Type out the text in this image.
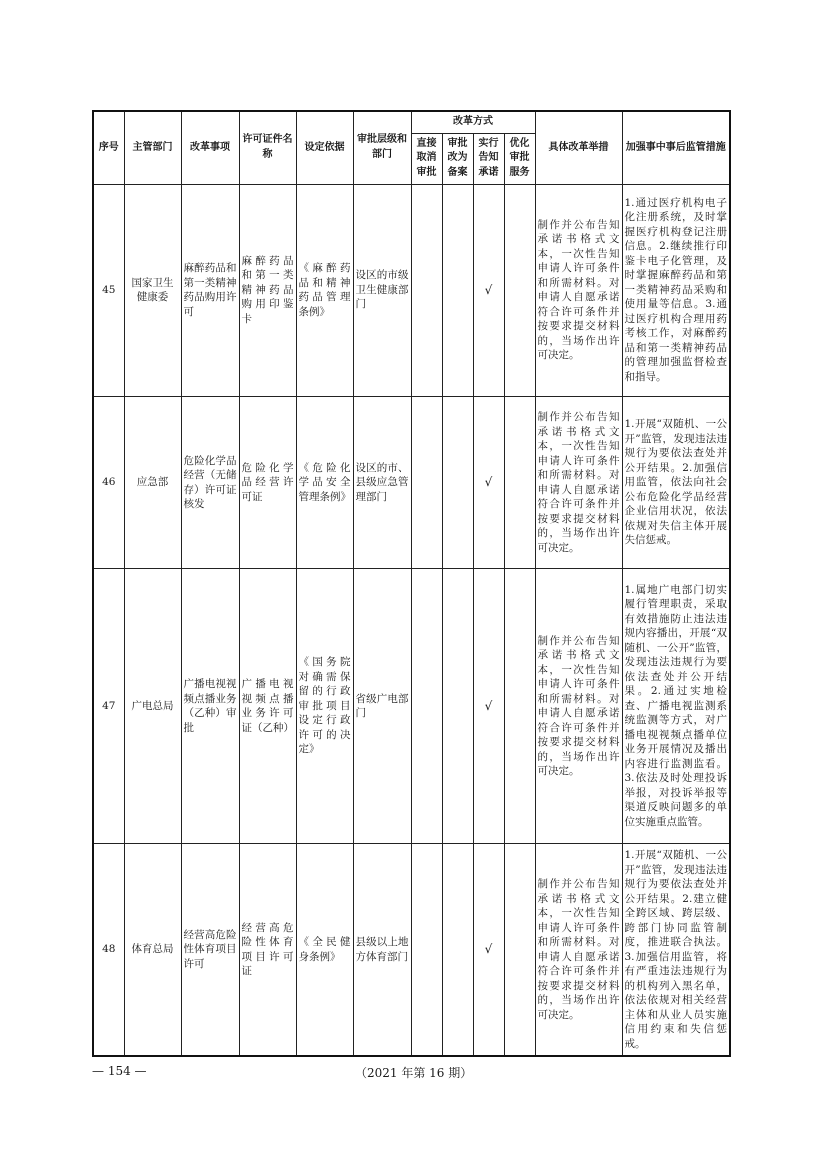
序号	主管部门	改革事项	许可证件名称	设定依据	审批层级和部门	改革方式				具体改革举措	加强事中事后监管措施
						直接取消审批	审批改为备案	实行告知承诺	优化审批服务		
45	国家卫生健康委	麻醉药品和第一类精神药品购用许可	麻醉药品和第一类精神药品购用印鉴卡	《麻醉药品和精神药品管理条例》	设区的市级卫生健康部门			√		制作并公布告知承诺书格式文本，一次性告知申请人许可条件和所需材料。对申请人自愿承诺符合许可条件并按要求提交材料的，当场作出许可决定。	1.通过医疗机构电子化注册系统，及时掌握医疗机构登记注册信息。2.继续推行印鉴卡电子化管理，及时掌握麻醉药品和第一类精神药品采购和使用量等信息。3.通过医疗机构合理用药考核工作，对麻醉药品和第一类精神药品的管理加强监督检查和指导。
46	应急部	危险化学品经营（无储存）许可证核发	危险化学品经营许可证	《危险化学品安全管理条例》	设区的市、县级应急管理部门			√		制作并公布告知承诺书格式文本，一次性告知申请人许可条件和所需材料。对申请人自愿承诺符合许可条件并按要求提交材料的，当场作出许可决定。	1.开展“双随机、一公开”监管，发现违法违规行为要依法查处并公开结果。2.加强信用监管，依法向社会公布危险化学品经营企业信用状况，依法依规对失信主体开展失信惩戒。
47	广电总局	广播电视视频点播业务（乙种）审批	广播电视视频点播业务许可证（乙种）	《国务院对确需保留的行政审批项目设定行政许可的决定》	省级广电部门			√		制作并公布告知承诺书格式文本，一次性告知申请人许可条件和所需材料。对申请人自愿承诺符合许可条件并按要求提交材料的，当场作出许可决定。	1.属地广电部门切实履行管理职责，采取有效措施防止违法违规内容播出，开展“双随机、一公开”监管，发现违法违规行为要依法查处并公开结果。2.通过实地检查、广播电视监测系统监测等方式，对广播电视视频点播单位业务开展情况及播出内容进行监测监看。3.依法及时处理投诉举报，对投诉举报等渠道反映问题多的单位实施重点监管。
48	体育总局	经营高危险性体育项目许可	经营高危险性体育项目许可证	《全民健身条例》	县级以上地方体育部门			√		制作并公布告知承诺书格式文本，一次性告知申请人许可条件和所需材料。对申请人自愿承诺符合许可条件并按要求提交材料的，当场作出许可决定。	1.开展“双随机、一公开”监管，发现违法违规行为要依法查处并公开结果。2.建立健全跨区域、跨层级、跨部门协同监管制度，推进联合执法。3.加强信用监管，将有严重违法违规行为的机构列入黑名单，依法依规对相关经营主体和从业人员实施信用约束和失信惩戒。
— 154 —	（2021 年第 16 期）
